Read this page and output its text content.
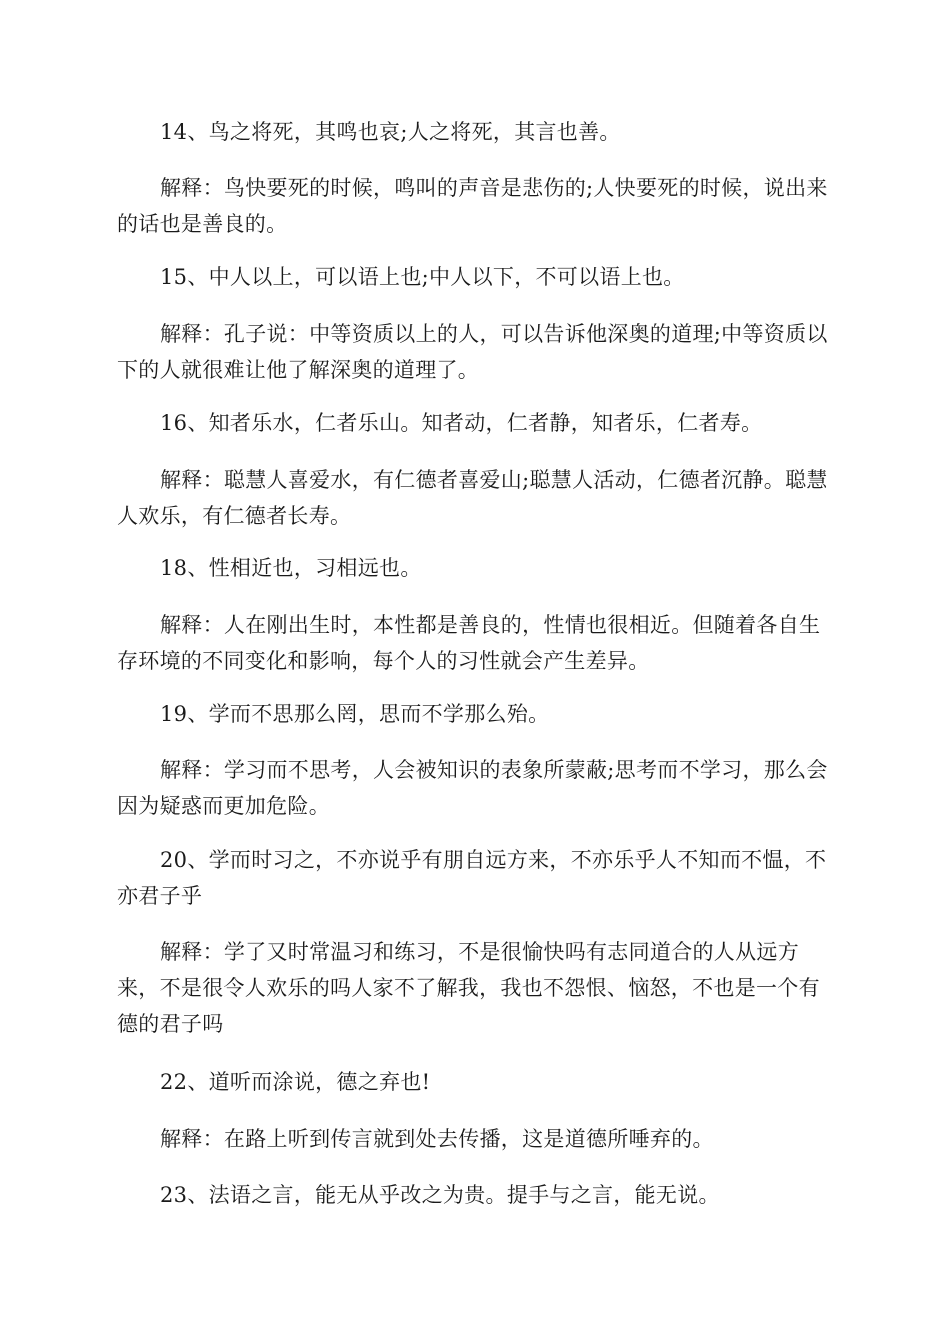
14、鸟之将死，其鸣也哀;人之将死，其言也善。

解释：鸟快要死的时候，鸣叫的声音是悲伤的;人快要死的时候，说出来的话也是善良的。

15、中人以上，可以语上也;中人以下，不可以语上也。

解释：孔子说：中等资质以上的人，可以告诉他深奥的道理;中等资质以下的人就很难让他了解深奥的道理了。

16、知者乐水，仁者乐山。知者动，仁者静，知者乐，仁者寿。

解释：聪慧人喜爱水，有仁德者喜爱山;聪慧人活动，仁德者沉静。聪慧人欢乐，有仁德者长寿。

18、性相近也，习相远也。

解释：人在刚出生时，本性都是善良的，性情也很相近。但随着各自生存环境的不同变化和影响，每个人的习性就会产生差异。

19、学而不思那么罔，思而不学那么殆。

解释：学习而不思考，人会被知识的表象所蒙蔽;思考而不学习，那么会因为疑惑而更加危险。

20、学而时习之，不亦说乎有朋自远方来，不亦乐乎人不知而不愠，不亦君子乎

解释：学了又时常温习和练习，不是很愉快吗有志同道合的人从远方来，不是很令人欢乐的吗人家不了解我，我也不怨恨、恼怒，不也是一个有德的君子吗

22、道听而涂说，德之弃也!

解释：在路上听到传言就到处去传播，这是道德所唾弃的。

23、法语之言，能无从乎改之为贵。提手与之言，能无说。
